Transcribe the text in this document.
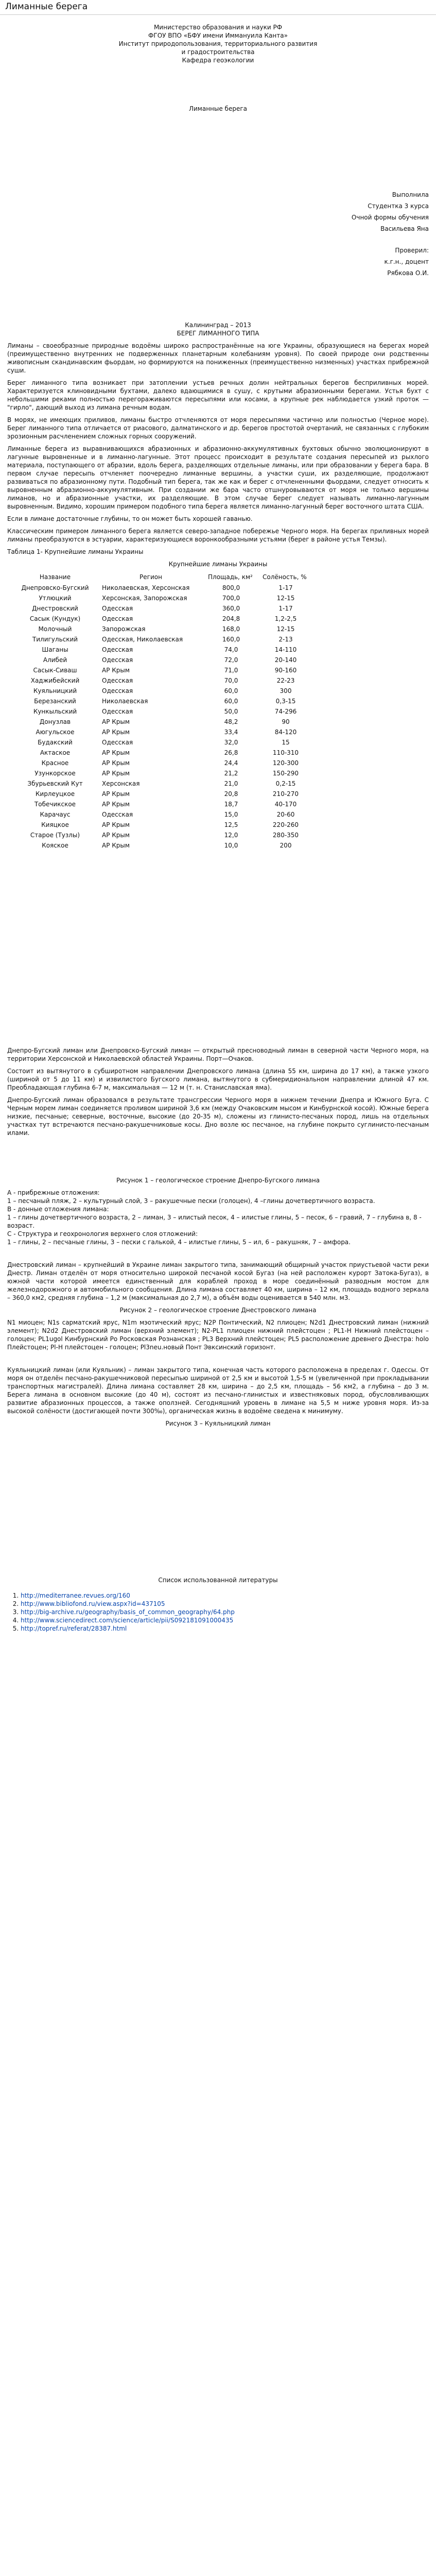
Лиманные берега
Министерство образования и науки РФ
ФГОУ ВПО «БФУ имени Иммануила Канта»
Институт природопользования, территориального развития
и градостроительства
Кафедра геоэкологии
Лиманные берега
Выполнила
Студентка 3 курса
Очной формы обучения
Васильева Яна
Проверил:
к.г.н., доцент
Рябкова О.И.
Калининград – 2013
БЕРЕГ ЛИМАННОГО ТИПА

Лиманы – своеобразные природные водоёмы широко распространённые на юге Украины, образующиеся на берегах морей (преимущественно внутренних не подверженных планетарным колебаниям уровня). По своей природе они родственны живописным скандинавским фьордам, но формируются на пониженных (преимущественно низменных) участках прибрежной суши.

Берег лиманного типа возникает при затоплении устьев речных долин нейтральных берегов бесприливных морей. Характеризуется клиновидными бухтами, далеко вдающимися в сушу, с крутыми абразионными берегами. Устья бухт с небольшими реками полностью перегораживаются пересыпями или косами, а крупные рек наблюдается узкий проток — "гирло", дающий выход из лимана речным водам.

В морях, не имеющих приливов, лиманы быстро отчленяются от моря пересыпями частично или полностью (Черное море). Берег лиманного типа отличается от риасового, далматинского и др. берегов простотой очертаний, не связанных с глубоким эрозионным расчленением сложных горных сооружений.

Лиманные берега из выравнивающихся абразионных и абразионно-аккумулятивных бухтовых обычно эволюционируют в лагунные выровненные и в лиманно-лагунные. Этот процесс происходит в результате создания пересыпей из рыхлого материала, поступающего от абразии, вдоль берега, разделяющих отдельные лиманы, или при образовании у берега бара. В первом случае пересыпь отчленяет поочередно лиманные вершины, а участки суши, их разделяющие, продолжают развиваться по абразионному пути. Подобный тип берега, так же как и берег с отчлененными фьордами, следует относить к выровненным абразионно-аккумулятивным. При создании же бара часто отшнуровываются от моря не только вершины лиманов, но и абразионные участки, их разделяющие. В этом случае берег следует называть лиманно-лагунным выровненным. Видимо, хорошим примером подобного типа берега является лиманно-лагунный берег восточного штата США.

Если в лимане достаточные глубины, то он может быть хорошей гаванью.

Классическим примером лиманного берега является северо-западное побережье Черного моря. На берегах приливных морей лиманы преобразуются в эстуарии, характеризующиеся воронкообразными устьями (берег в районе устья Темзы).

Таблица 1- Крупнейшие лиманы Украины
Крупнейшие лиманы Украины
Название	Регион	Площадь, км²	Солёность, %
Днепровско-Бугский	Николаевская, Херсонская	800,0	1-17
Утлюцкий	Херсонская, Запорожская	700,0	12-15
Днестровский	Одесская	360,0	1-17
Сасык (Кундук)	Одесская	204,8	1,2-2,5
Молочный	Запорожская	168,0	12-15
Тилигульский	Одесская, Николаевская	160,0	2-13
Шаганы	Одесская	74,0	14-110
Алибей	Одесская	72,0	20-140
Сасык-Сиваш	АР Крым	71,0	90-160
Хаджибейский	Одесская	70,0	22-23
Куяльницкий	Одесская	60,0	300
Березанский	Николаевская	60,0	0,3-15
Кункыльский	Одесская	50,0	74-296
Донузлав	АР Крым	48,2	90
Аюгульское	АР Крым	33,4	84-120
Будакский	Одесская	32,0	15
Актаское	АР Крым	26,8	110-310
Красное	АР Крым	24,4	120-300
Узункорское	АР Крым	21,2	150-290
Збурьевский Кут	Херсонская	21,0	0,2-15
Кирлеуцкое	АР Крым	20,8	210-270
Тобечикское	АР Крым	18,7	40-170
Карачаус	Одесская	15,0	20-60
Кияцкое	АР Крым	12,5	220-260
Старое (Тузлы)	АР Крым	12,0	280-350
Кояское	АР Крым	10,0	200

Днепро-Бугский лиман или Днепровско-Бугский лиман — открытый пресноводный лиман в северной части Черного моря, на территории Херсонской и Николаевской областей Украины. Порт—Очаков.

Состоит из вытянутого в субширотном направлении Днепровского лимана (длина 55 км, ширина до 17 км), а также узкого (шириной от 5 до 11 км) и извилистого Бугского лимана, вытянутого в субмеридиональном направлении длиной 47 км. Преобладающая глубина 6-7 м, максимальная — 12 м (т. н. Станиславская яма).

Днепро-Бугский лиман образовался в результате трансгрессии Черного моря в нижнем течении Днепра и Южного Буга. С Черным морем лиман соединяется проливом шириной 3,6 км (между Очаковским мысом и Кинбурнской косой). Южные берега низкие, песчаные; северные, восточные, высокие (до 20-35 м), сложены из глинисто-песчаных пород, лишь на отдельных участках тут встречаются песчано-ракушечниковые косы. Дно возле юс песчаное, на глубине покрыто суглинисто-песчаным илами.

Рисунок 1 – геологическое строение Днепро-Бугского лимана
А - прибрежные отложения:
1 – песчаный пляж, 2 – культурный слой, 3 – ракушечные пески (голоцен), 4 –глины дочетвертичного возраста.
В - донные отложения лимана:
1 – глины дочетвертичного возраста, 2 – лиман, 3 – илистый песок, 4 – илистые глины, 5 – песок, 6 – гравий, 7 – глубина в, 8 - возраст.
С - Структура и геохронология верхнего слоя отложений:
1 – глины, 2 – песчаные глины, 3 – пески с галькой, 4 – илистые глины, 5 – ил, 6 – ракушняк, 7 – амфора.

Днестровский лиман – крупнейший в Украине лиман закрытого типа, занимающий общирный участок приустьевой части реки Днестр. Лиман отделён от моря относительно широкой песчаной косой Бугаз (на ней расположен курорт Затока-Бугаз), в южной части которой имеется единственный для кораблей проход в море соединённый разводным мостом для железнодорожного и автомобильного сообщения. Длина лимана составляет 40 км, ширина – 12 км, площадь водного зеркала – 360,0 км2, средняя глубина – 1,2 м (максимальная до 2,7 м), а объём воды оценивается в 540 млн. м3.

Рисунок 2 – геологическое строение Днестровского лимана

N1 миоцен; N1s сарматский ярус, N1m мэотический ярус; N2P Понтический, N2 плиоцен; N2d1 Днестровский лиман (нижний элемент); N2d2 Днестровский лиман (верхний элемент); N2-PL1 плиоцен нижний плейстоцен ; PL1-H Нижний плейстоцен – голоцен; PL1ugol Кинбурнский Ро Росковская Рознанская ; PL3 Верхний плейстоцен; PL5 расположение древнего Днестра: holo Плейстоцен; Pl-H плейстоцен - голоцен; Pl3neu.новый Понт Эвксинский горизонт.

Куяльницкий лиман (или Куяльник) – лиман закрытого типа, конечная часть которого расположена в пределах г. Одессы. От моря он отделён песчано-ракушечниковой пересыпью шириной от 2,5 км и высотой 1,5-5 м (увеличенной при прокладывании транспортных магистралей). Длина лимана составляет 28 км, ширина – до 2,5 км, площадь – 56 км2, а глубина – до 3 м. Берега лимана в основном высокие (до 40 м), состоят из песчано-глинистых и известняковых пород, обусловливающих развитие абразионных процессов, а также оползней. Сегодняшний уровень в лимане на 5,5 м ниже уровня моря. Из-за высокой солёности (достигающей почти 300‰), органическая жизнь в водоёме сведена к минимуму.

Рисунок 3 – Куяльницкий лиман
Список использованной литературы
1. http://mediterranee.revues.org/160
2. http://www.bibliofond.ru/view.aspx?id=437105
3. http://big-archive.ru/geography/basis_of_common_geography/64.php
4. http://www.sciencedirect.com/science/article/pii/S092181091000435
5. http://topref.ru/referat/28387.html
